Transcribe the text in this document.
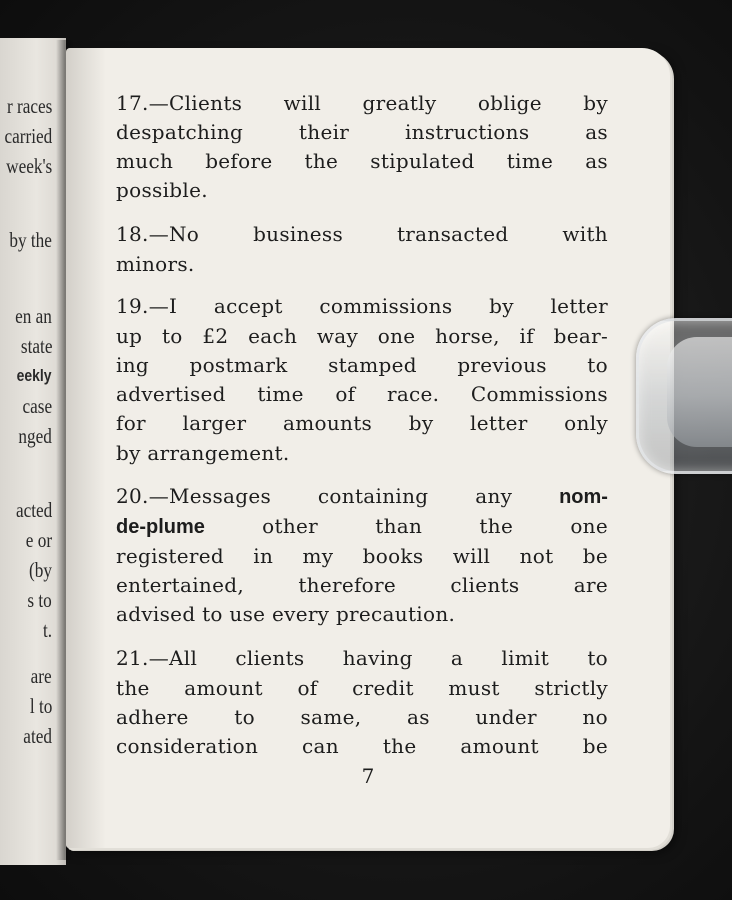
r races
carried
week's
by the
en an
state
eekly
case
nged
acted
e or
(by
s to
t.
are
l to
ated
17.—Clients will greatly oblige by
despatching their instructions as
much before the stipulated time as
possible.
18.—No business transacted with
minors.
19.—I accept commissions by letter
up to £2 each way one horse, if bear-
ing postmark stamped previous to
advertised time of race. Commissions
for larger amounts by letter only
by arrangement.
20.—Messages containing any nom-
de-plume	other than the one
registered in my books will not be
entertained, therefore clients are
advised to use every precaution.
21.—All clients having a limit to
the amount of credit must strictly
adhere to same, as under no
consideration can the amount be
7
